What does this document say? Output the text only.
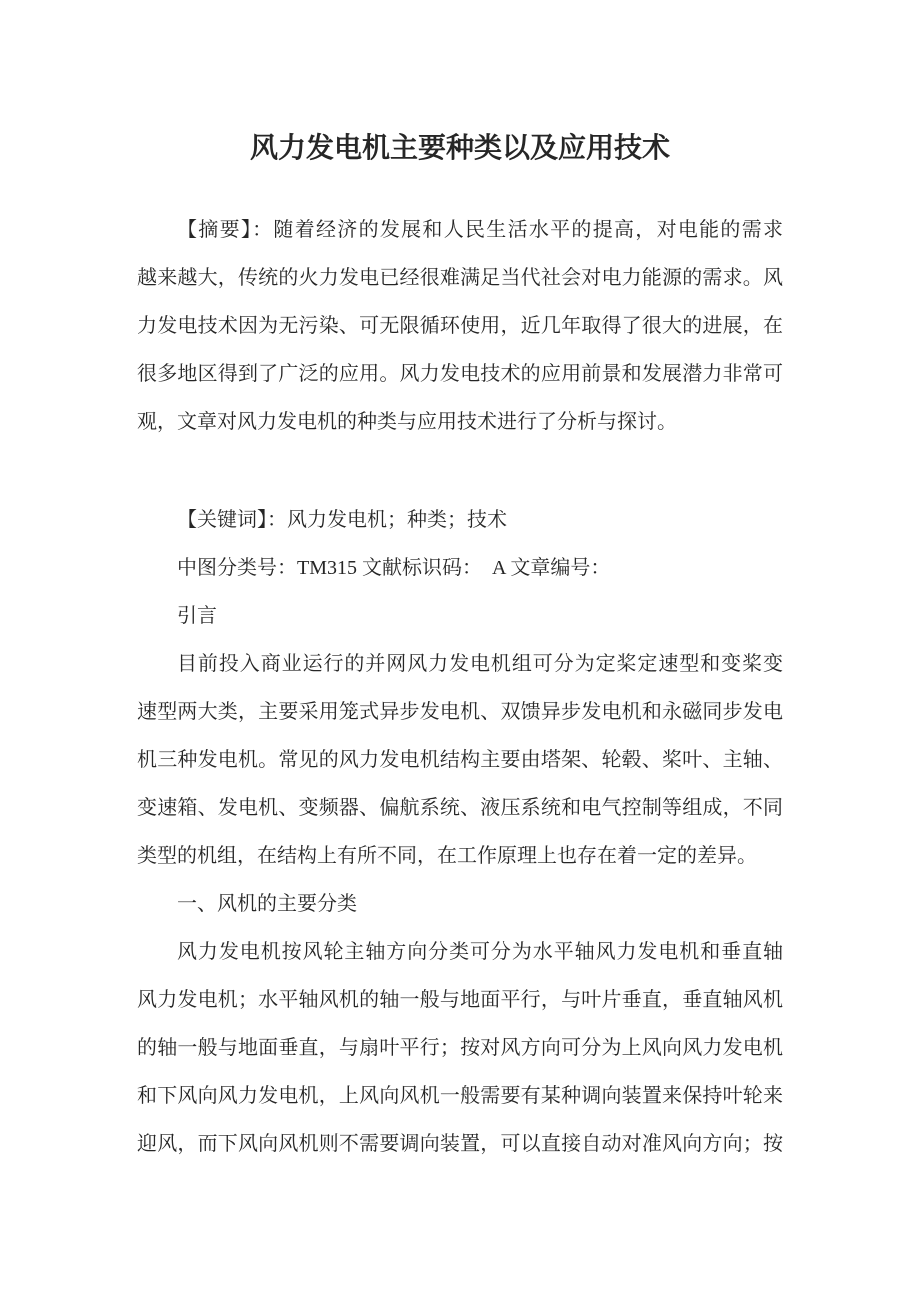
风力发电机主要种类以及应用技术
【摘要】：随着经济的发展和人民生活水平的提高，对电能的需求
越来越大，传统的火力发电已经很难满足当代社会对电力能源的需求。风
力发电技术因为无污染、可无限循环使用，近几年取得了很大的进展，在
很多地区得到了广泛的应用。风力发电技术的应用前景和发展潜力非常可
观，文章对风力发电机的种类与应用技术进行了分析与探讨。
【关键词】：风力发电机；种类；技术
中图分类号：TM315 文献标识码：　A 文章编号：
引言
目前投入商业运行的并网风力发电机组可分为定桨定速型和变桨变
速型两大类，主要采用笼式异步发电机、双馈异步发电机和永磁同步发电
机三种发电机。常见的风力发电机结构主要由塔架、轮毂、桨叶、主轴、
变速箱、发电机、变频器、偏航系统、液压系统和电气控制等组成，不同
类型的机组，在结构上有所不同，在工作原理上也存在着一定的差异。
一、风机的主要分类
风力发电机按风轮主轴方向分类可分为水平轴风力发电机和垂直轴
风力发电机；水平轴风机的轴一般与地面平行，与叶片垂直，垂直轴风机
的轴一般与地面垂直，与扇叶平行；按对风方向可分为上风向风力发电机
和下风向风力发电机，上风向风机一般需要有某种调向装置来保持叶轮来
迎风，而下风向风机则不需要调向装置，可以直接自动对准风向方向；按
